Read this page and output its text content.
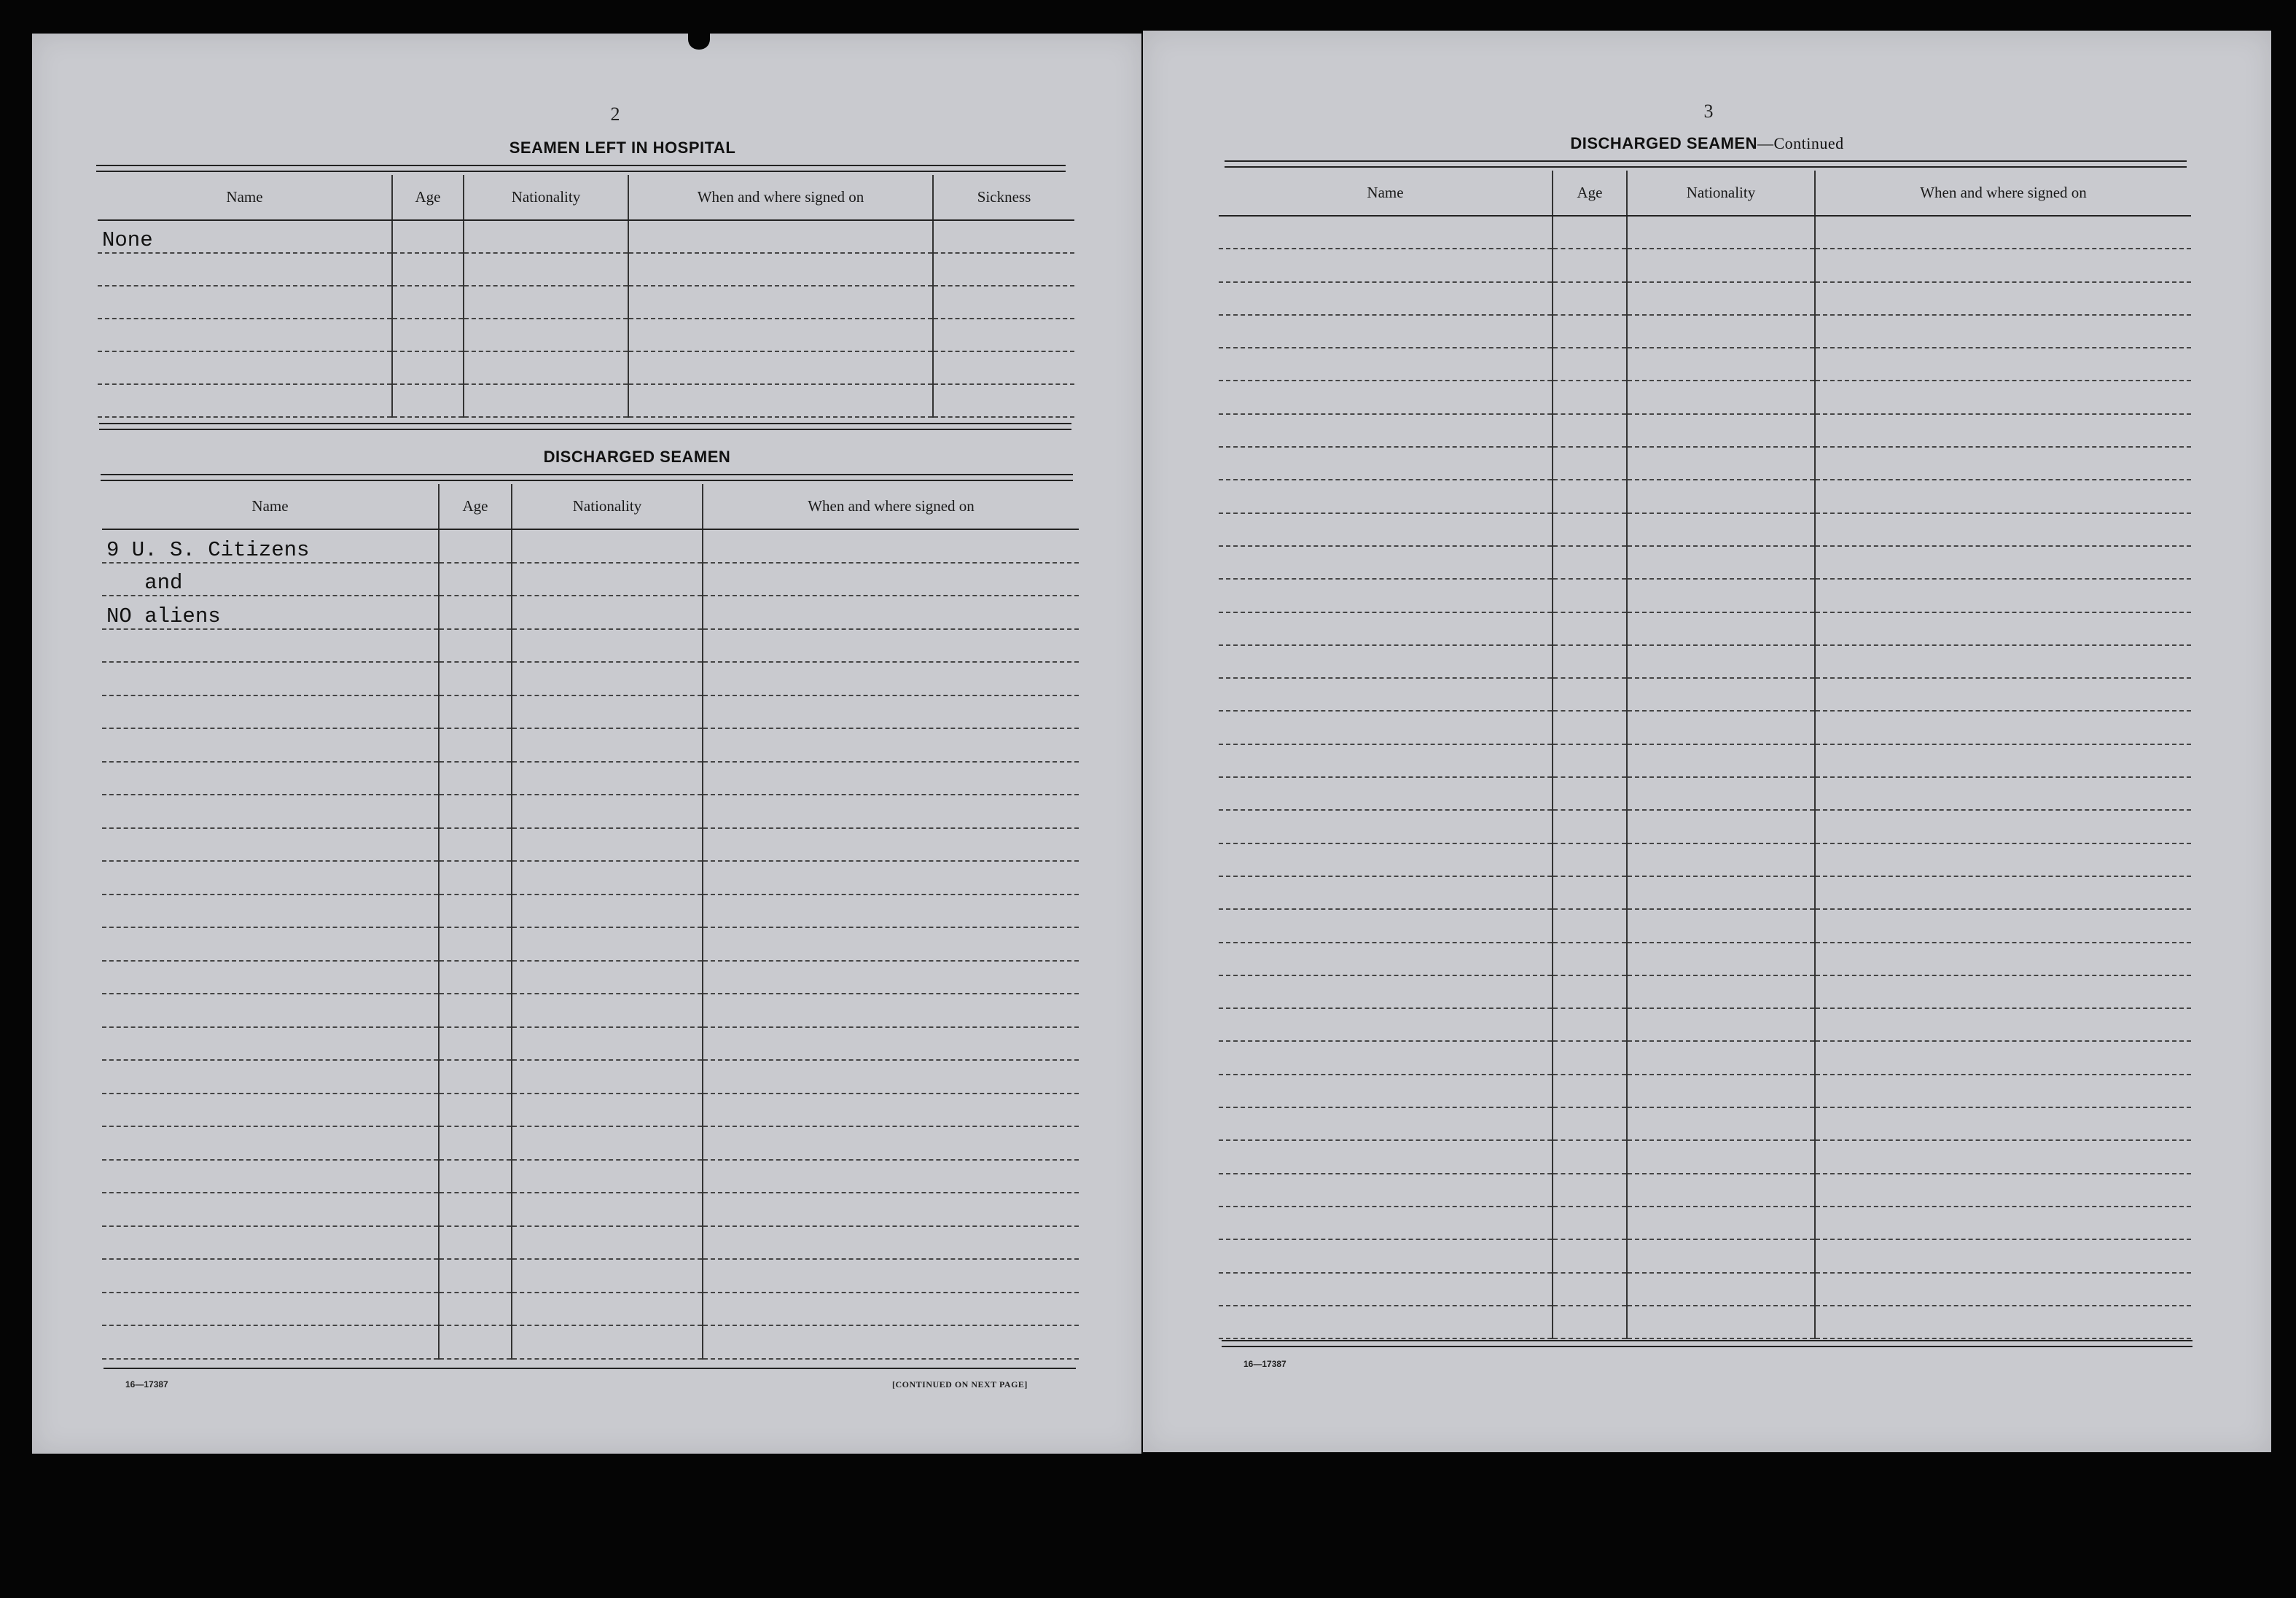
2
SEAMEN LEFT IN HOSPITAL
Name	Age	Nationality	When and where signed on	Sickness
None				

DISCHARGED SEAMEN
Name	Age	Nationality	When and where signed on
9 U. S. Citizens			
and			
NO aliens			

16—17387	[CONTINUED ON NEXT PAGE]
3
DISCHARGED SEAMEN—Continued
Name	Age	Nationality	When and where signed on

16—17387
